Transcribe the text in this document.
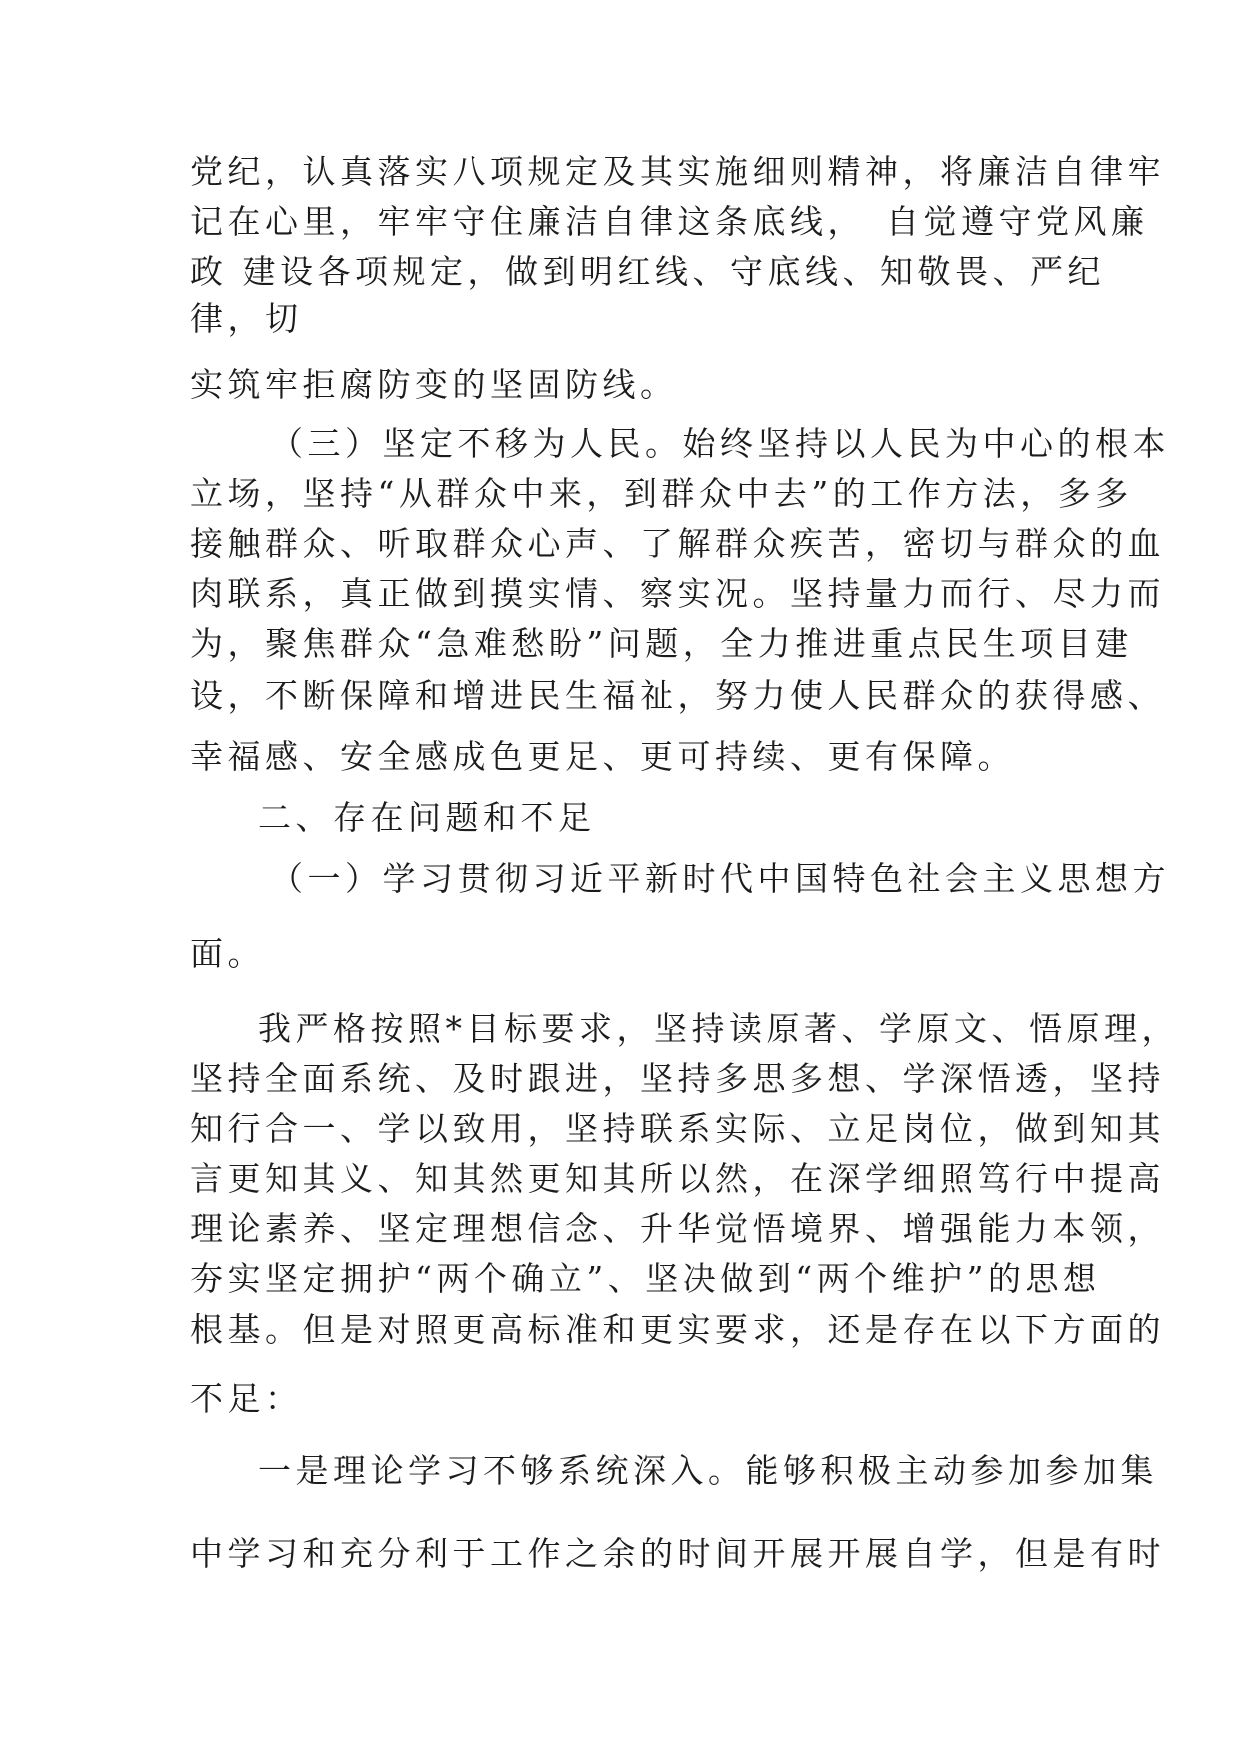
党纪，认真落实八项规定及其实施细则精神，将廉洁自律牢

记在心里，牢牢守住廉洁自律这条底线，　自觉遵守党风廉

政 建设各项规定，做到明红线、守底线、知敬畏、严纪

律，切

实筑牢拒腐防变的坚固防线。

（三）坚定不移为人民。始终坚持以人民为中心的根本

立场，坚持“从群众中来，到群众中去”的工作方法，多多

接触群众、听取群众心声、了解群众疾苦，密切与群众的血

肉联系，真正做到摸实情、察实况。坚持量力而行、尽力而

为，聚焦群众“急难愁盼”问题，全力推进重点民生项目建

设，不断保障和增进民生福祉，努力使人民群众的获得感、

幸福感、安全感成色更足、更可持续、更有保障。

二、存在问题和不足

（一）学习贯彻习近平新时代中国特色社会主义思想方

面。

我严格按照*目标要求，坚持读原著、学原文、悟原理，

坚持全面系统、及时跟进，坚持多思多想、学深悟透，坚持

知行合一、学以致用，坚持联系实际、立足岗位，做到知其

言更知其义、知其然更知其所以然，在深学细照笃行中提高

理论素养、坚定理想信念、升华觉悟境界、增强能力本领，

夯实坚定拥护“两个确立”、坚决做到“两个维护”的思想

根基。但是对照更高标准和更实要求，还是存在以下方面的

不足：

一是理论学习不够系统深入。能够积极主动参加参加集

中学习和充分利于工作之余的时间开展开展自学，但是有时
